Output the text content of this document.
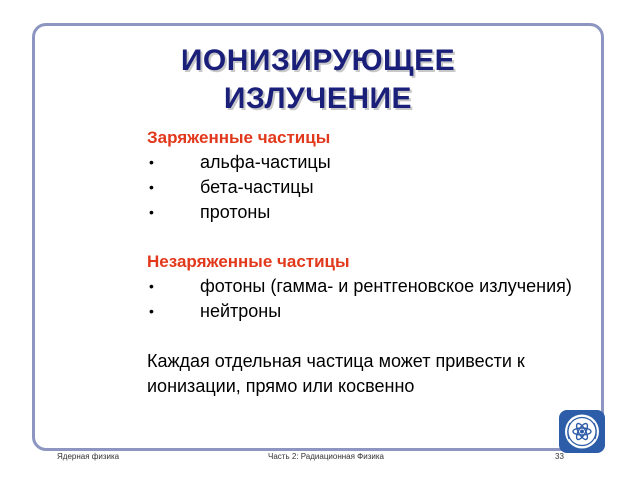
ИОНИЗИРУЮЩЕЕ
ИЗЛУЧЕНИЕ

Заряженные частицы

•	альфа-частицы
•	бета-частицы
•	протоны

Незаряженные частицы

•	фотоны (гамма- и рентгеновское излучения)
•	нейтроны

Каждая отдельная частица может привести к ионизации, прямо или косвенно

Ядерная физика	Часть 2: Радиационная Физика	33
